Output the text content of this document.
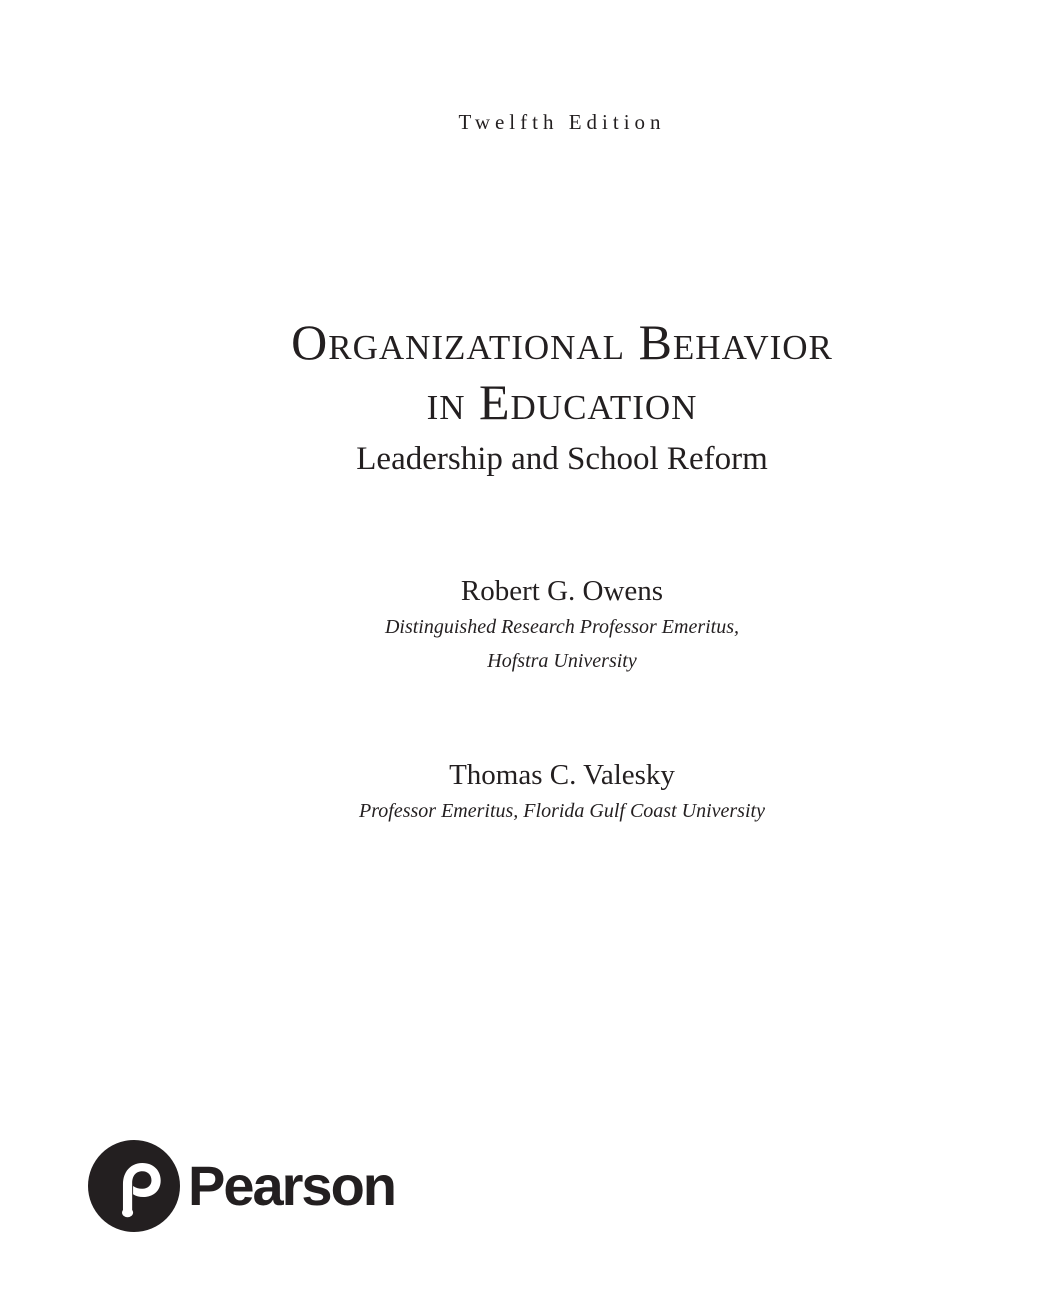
Twelfth Edition
Organizational Behavior
in Education
Leadership and School Reform
Robert G. Owens
Distinguished Research Professor Emeritus,
Hofstra University
Thomas C. Valesky
Professor Emeritus, Florida Gulf Coast University
Pearson
